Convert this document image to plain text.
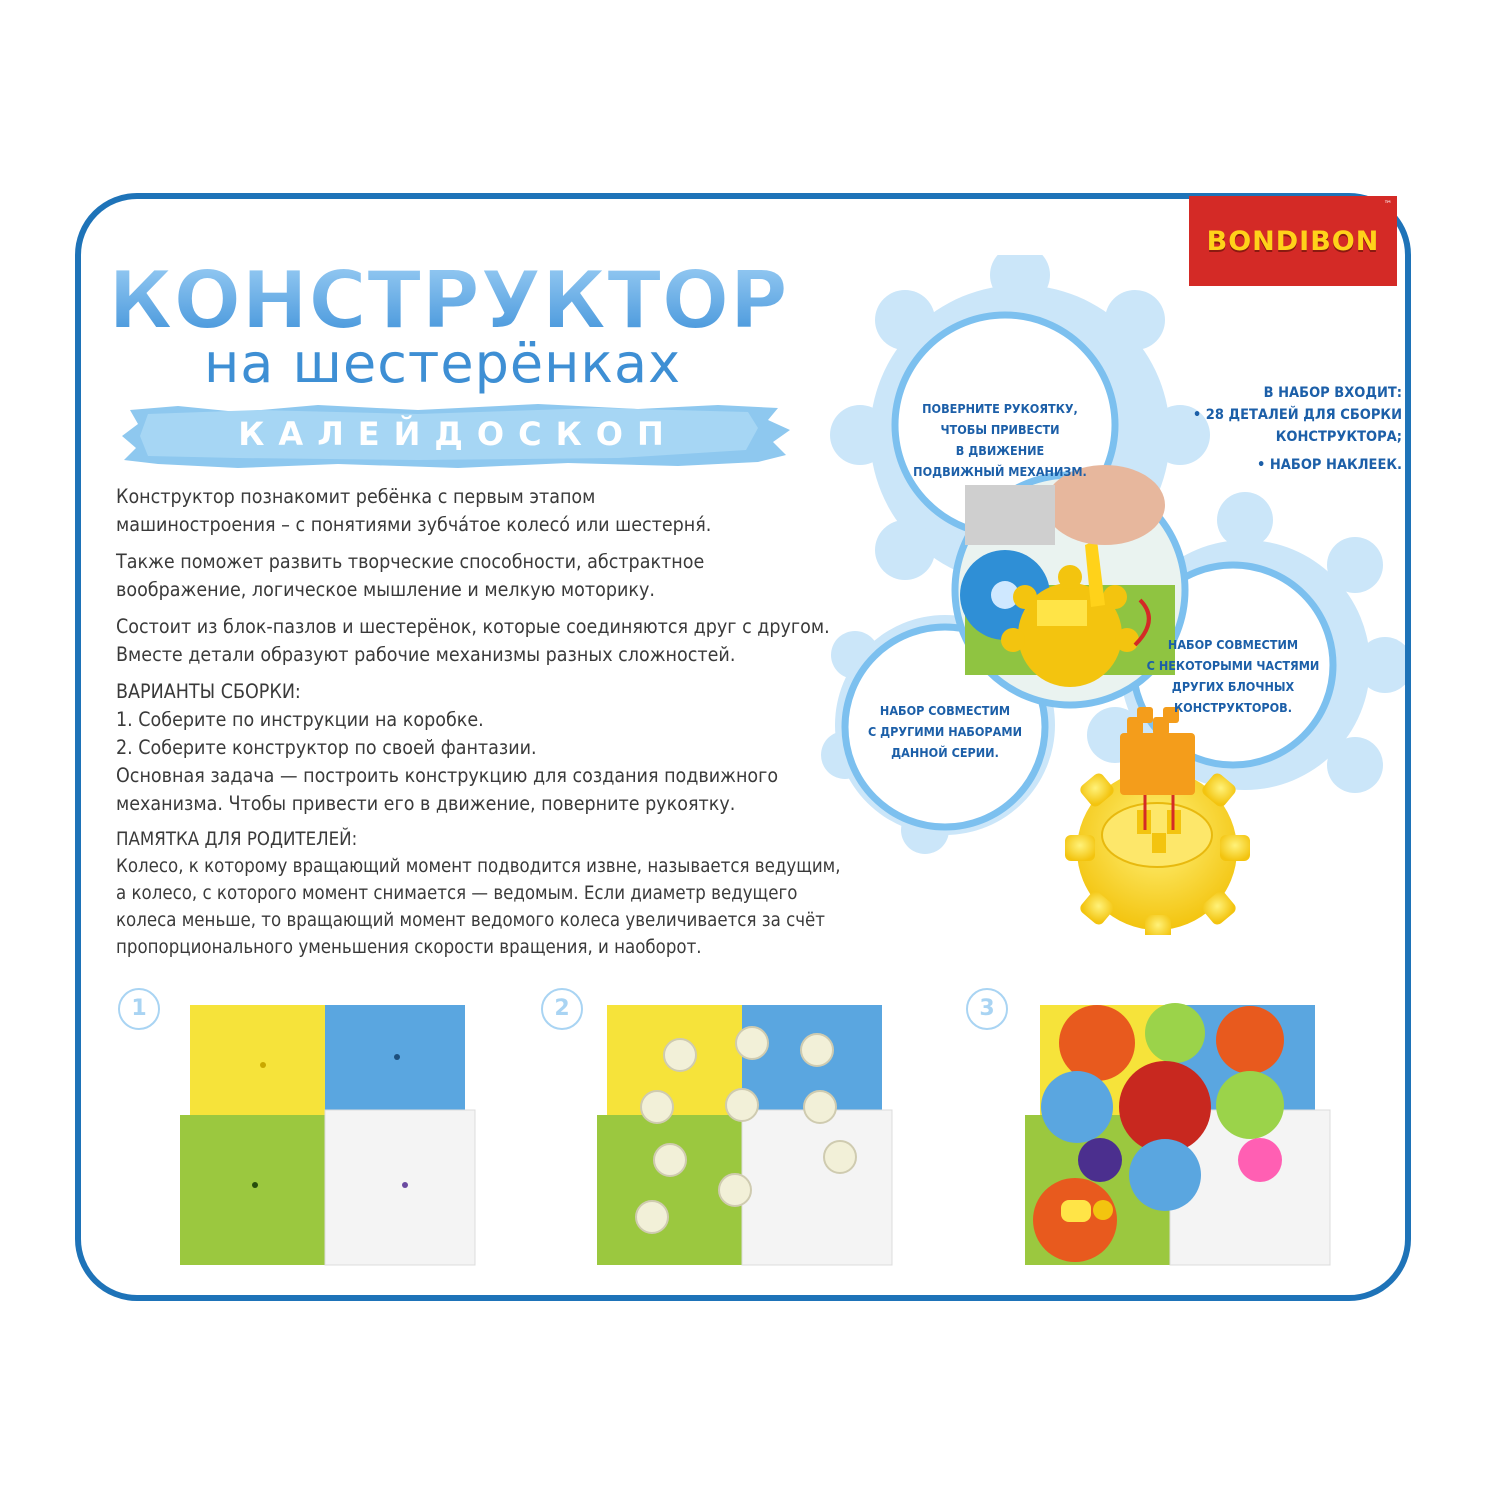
BONDIBON
™
КОНСТРУКТОР
на шестерёнках
КАЛЕЙДОСКОП

Конструктор познакомит ребёнка с первым этапом
машиностроения – с понятиями зубча́тое колесо́ или шестерня́.

Также поможет развить творческие способности, абстрактное
воображение, логическое мышление и мелкую моторику.

Состоит из блок-пазлов и шестерёнок, которые соединяются друг с другом.
Вместе детали образуют рабочие механизмы разных сложностей.

ВАРИАНТЫ СБОРКИ:
1. Соберите по инструкции на коробке.
2. Соберите конструктор по своей фантазии.
Основная задача — построить конструкцию для создания подвижного
механизма. Чтобы привести его в движение, поверните рукоятку.

ПАМЯТКА ДЛЯ РОДИТЕЛЕЙ:
Колесо, к которому вращающий момент подводится извне, называется ведущим,
а колесо, с которого момент снимается — ведомым. Если диаметр ведущего
колеса меньше, то вращающий момент ведомого колеса увеличивается за счёт
пропорционального уменьшения скорости вращения, и наоборот.

ПОВЕРНИТЕ РУКОЯТКУ,
ЧТОБЫ ПРИВЕСТИ
В ДВИЖЕНИЕ
ПОДВИЖНЫЙ МЕХАНИЗМ.
НАБОР СОВМЕСТИМ
С ДРУГИМИ НАБОРАМИ
ДАННОЙ СЕРИИ.
НАБОР СОВМЕСТИМ
С НЕКОТОРЫМИ ЧАСТЯМИ
ДРУГИХ БЛОЧНЫХ
КОНСТРУКТОРОВ.
В НАБОР ВХОДИТ:
• 28 ДЕТАЛЕЙ ДЛЯ СБОРКИ
КОНСТРУКТОРА;
• НАБОР НАКЛЕЕК.
1	2	3
